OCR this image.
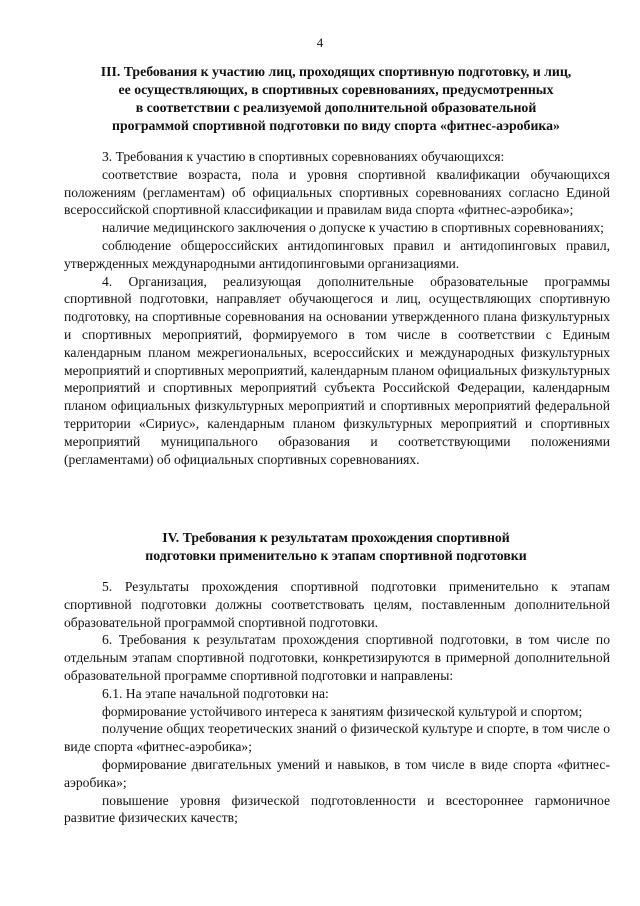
4
III. Требования к участию лиц, проходящих спортивную подготовку, и лиц,
ее осуществляющих, в спортивных соревнованиях, предусмотренных
в соответствии с реализуемой дополнительной образовательной
программой спортивной подготовки по виду спорта «фитнес-аэробика»

3. Требования к участию в спортивных соревнованиях обучающихся:

соответствие возраста, пола и уровня спортивной квалификации обучающихся положениям (регламентам) об официальных спортивных соревнованиях согласно Единой всероссийской спортивной классификации и правилам вида спорта «фитнес-аэробика»;

наличие медицинского заключения о допуске к участию в спортивных соревнованиях;

соблюдение общероссийских антидопинговых правил и антидопинговых правил, утвержденных международными антидопинговыми организациями.

4. Организация, реализующая дополнительные образовательные программы спортивной подготовки, направляет обучающегося и лиц, осуществляющих спортивную подготовку, на спортивные соревнования на основании утвержденного плана физкультурных и спортивных мероприятий, формируемого в том числе в соответствии с Единым календарным планом межрегиональных, всероссийских и международных физкультурных мероприятий и спортивных мероприятий, календарным планом официальных физкультурных мероприятий и спортивных мероприятий субъекта Российской Федерации, календарным планом официальных физкультурных мероприятий и спортивных мероприятий федеральной территории «Сириус», календарным планом физкультурных мероприятий и спортивных мероприятий муниципального образования и соответствующими положениями (регламентами) об официальных спортивных соревнованиях.

IV. Требования к результатам прохождения спортивной
подготовки применительно к этапам спортивной подготовки

5. Результаты прохождения спортивной подготовки применительно к этапам спортивной подготовки должны соответствовать целям, поставленным дополнительной образовательной программой спортивной подготовки.

6. Требования к результатам прохождения спортивной подготовки, в том числе по отдельным этапам спортивной подготовки, конкретизируются в примерной дополнительной образовательной программе спортивной подготовки и направлены:

6.1. На этапе начальной подготовки на:

формирование устойчивого интереса к занятиям физической культурой и спортом;

получение общих теоретических знаний о физической культуре и спорте, в том числе о виде спорта «фитнес-аэробика»;

формирование двигательных умений и навыков, в том числе в виде спорта «фитнес-аэробика»;

повышение уровня физической подготовленности и всестороннее гармоничное развитие физических качеств;
